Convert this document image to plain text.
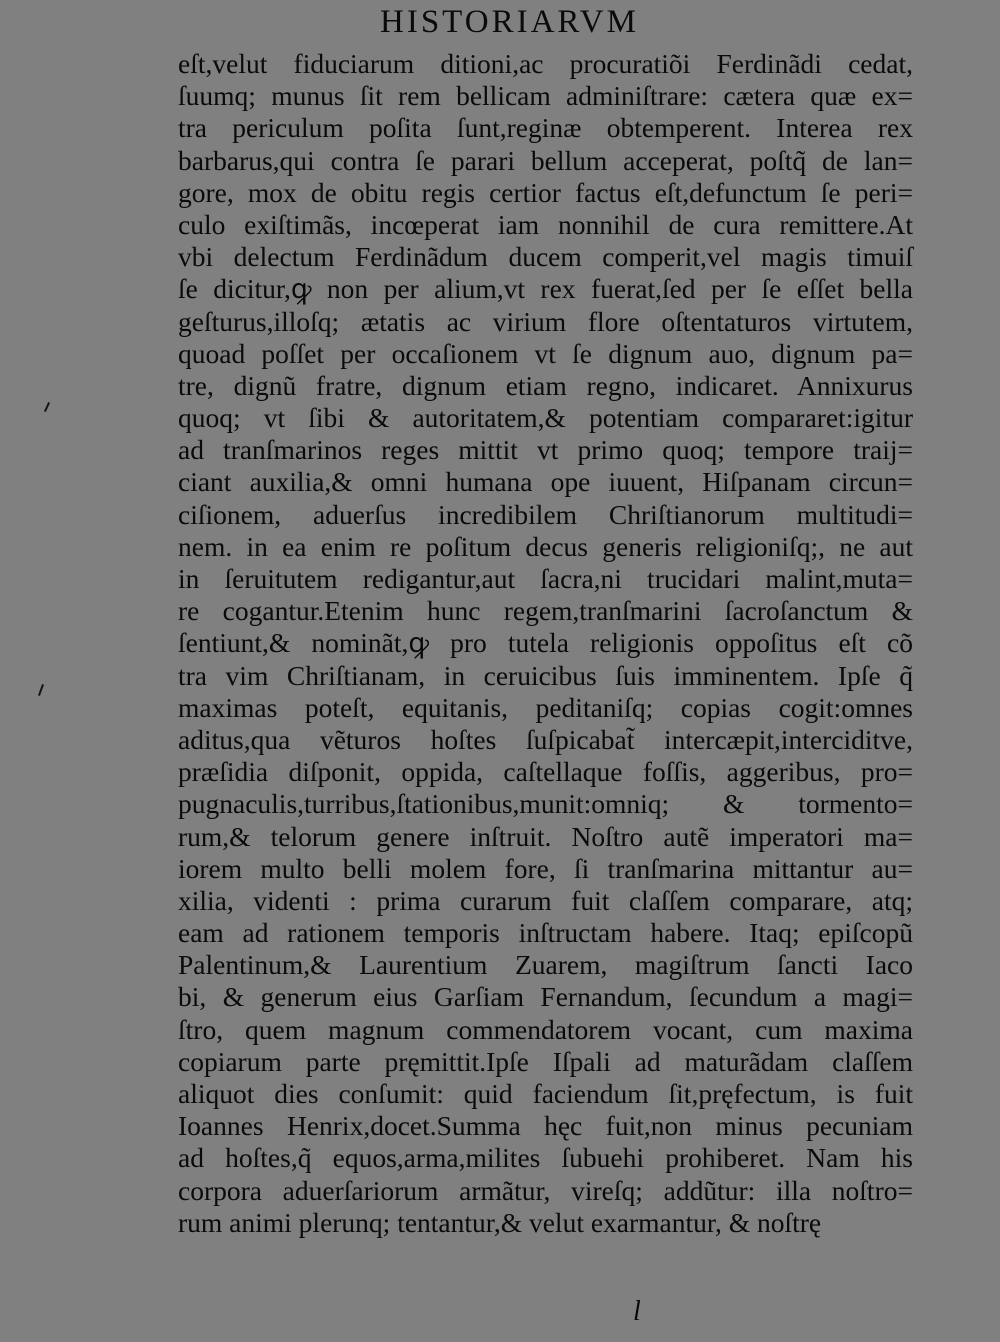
HISTORIARVM
eſt,velut fiduciarum ditioni,ac procuratiõi Ferdinãdi cedat,
ſuumq; munus ſit rem bellicam adminiſtrare: cætera quæ ex=
tra periculum poſita ſunt,reginæ obtemperent. Interea rex
barbarus,qui contra ſe parari bellum acceperat, poſtq̃ de lan=
gore, mox de obitu regis certior factus eſt,defunctum ſe peri=
culo exiſtimãs, incœperat iam nonnihil de cura remittere.At
vbi delectum Ferdinãdum ducem comperit,vel magis timuiſ
ſe dicitur,ꝙ non per alium,vt rex fuerat,ſed per ſe eſſet bella
geſturus,illoſq; ætatis ac virium flore oſtentaturos virtutem,
quoad poſſet per occaſionem vt ſe dignum auo, dignum pa=
tre, dignũ fratre, dignum etiam regno, indicaret. Annixurus
quoq; vt ſibi & autoritatem,& potentiam compararet:igitur
ad tranſmarinos reges mittit vt primo quoq; tempore traij=
ciant auxilia,& omni humana ope iuuent, Hiſpanam circun=
ciſionem, aduerſus incredibilem Chriſtianorum multitudi=
nem. in ea enim re poſitum decus generis religioniſq;, ne aut
in ſeruitutem redigantur,aut ſacra,ni trucidari malint,muta=
re cogantur.Etenim hunc regem,tranſmarini ſacroſanctum &
ſentiunt,& nominãt,ꝙ pro tutela religionis oppoſitus eſt cõ
tra vim Chriſtianam, in ceruicibus ſuis imminentem. Ipſe q̃
maximas poteſt, equitanis, peditaniſq; copias cogit:omnes
aditus,qua vẽturos hoſtes ſuſpicabat̃ intercæpit,interciditve,
præſidia diſponit, oppida, caſtellaque foſſis, aggeribus, pro=
pugnaculis,turribus,ſtationibus,munit:omniq; & tormento=
rum,& telorum genere inſtruit. Noſtro autẽ imperatori ma=
iorem multo belli molem fore, ſi tranſmarina mittantur au=
xilia, videnti : prima curarum fuit claſſem comparare, atq;
eam ad rationem temporis inſtructam habere. Itaq; epiſcopũ
Palentinum,& Laurentium Zuarem, magiſtrum ſancti Iaco
bi, & generum eius Garſiam Fernandum, ſecundum a magi=
ſtro, quem magnum commendatorem vocant, cum maxima
copiarum parte pręmittit.Ipſe Iſpali ad maturãdam claſſem
aliquot dies conſumit: quid faciendum ſit,pręfectum, is fuit
Ioannes Henrix,docet.Summa hęc fuit,non minus pecuniam
ad hoſtes,q̃ equos,arma,milites ſubuehi prohiberet. Nam his
corpora aduerſariorum armãtur, vireſq; addũtur: illa noſtro=
rum animi plerunq; tentantur,& velut exarmantur, & noſtrę
l
